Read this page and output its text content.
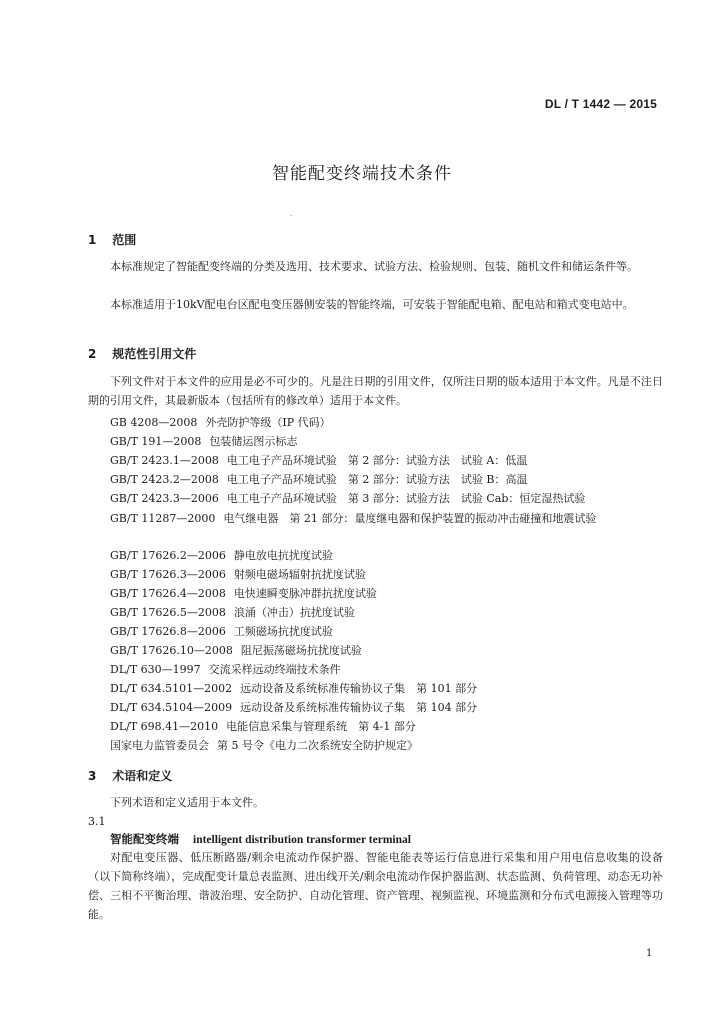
DL / T 1442 — 2015
智能配变终端技术条件
.
1 范围

本标准规定了智能配变终端的分类及选用、技术要求、试验方法、检验规则、包装、随机文件和储运条件等。

本标准适用于10kV配电台区配电变压器侧安装的智能终端，可安装于智能配电箱、配电站和箱式变电站中。

2 规范性引用文件

下列文件对于本文件的应用是必不可少的。凡是注日期的引用文件，仅所注日期的版本适用于本文件。凡是不注日期的引用文件，其最新版本（包括所有的修改单）适用于本文件。

GB 4208—2008 外壳防护等级（IP 代码）

GB/T 191—2008 包装储运图示标志

GB/T 2423.1—2008 电工电子产品环境试验　第 2 部分：试验方法　试验 A：低温

GB/T 2423.2—2008 电工电子产品环境试验　第 2 部分：试验方法　试验 B：高温

GB/T 2423.3—2006 电工电子产品环境试验　第 3 部分：试验方法　试验 Cab：恒定湿热试验

GB/T 11287—2000 电气继电器　第 21 部分：量度继电器和保护装置的振动冲击碰撞和地震试验

GB/T 17626.2—2006 静电放电抗扰度试验

GB/T 17626.3—2006 射频电磁场辐射抗扰度试验

GB/T 17626.4—2008 电快速瞬变脉冲群抗扰度试验

GB/T 17626.5—2008 浪涌（冲击）抗扰度试验

GB/T 17626.8—2006 工频磁场抗扰度试验

GB/T 17626.10—2008 阻尼振荡磁场抗扰度试验

DL/T 630—1997 交流采样远动终端技术条件

DL/T 634.5101—2002 远动设备及系统标准传输协议子集　第 101 部分

DL/T 634.5104—2009 远动设备及系统标准传输协议子集　第 104 部分

DL/T 698.41—2010 电能信息采集与管理系统　第 4-1 部分

国家电力监管委员会 第 5 号令《电力二次系统安全防护规定》

3 术语和定义

下列术语和定义适用于本文件。

3.1

智能配变终端 intelligent distribution transformer terminal

对配电变压器、低压断路器/剩余电流动作保护器、智能电能表等运行信息进行采集和用户用电信息收集的设备（以下简称终端），完成配变计量总表监测、进出线开关/剩余电流动作保护器监测、状态监测、负荷管理、动态无功补偿、三相不平衡治理、谐波治理、安全防护、自动化管理、资产管理、视频监视、环境监测和分布式电源接入管理等功能。

1
